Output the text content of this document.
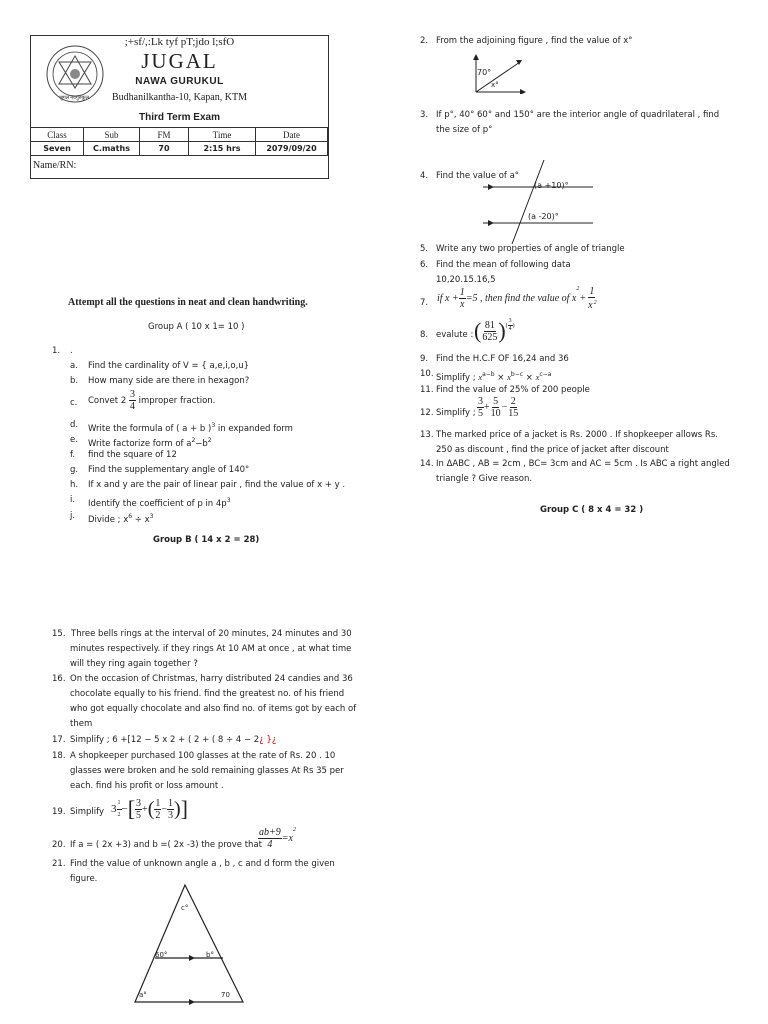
जुगल नवगुरुकुल
;+sf/,:Lk tyf pT;jdo l;sfO
JUGAL
NAWA GURUKUL
Budhanilkantha-10, Kapan, KTM
Third Term Exam
Class	Sub	FM	Time	Date
Seven	C.maths	70	2:15 hrs	2079/09/20
Name/RN:
Attempt all the questions in neat and clean handwriting.
Group A ( 10 x 1= 10 )
1. .
a. Find the cardinality of V = { a,e,i,o,u}
b. How many side are there in hexagon?
c. Convet $2 \frac{3}{4}$ improper fraction.
d. Write the formula of ( a + b )$^3$ in expanded form
e. Write factorize form of $a^2-b^2$
f. find the square of 12
g. Find the supplementary angle of 140°
h. If x and y are the pair of linear pair , find the value of x + y .
i. Identify the coefficient of p in $4p^3$
j. Divide ; $x^6 \div x^3$
Group B ( 14 x 2 = 28)
15. Three bells rings at the interval of 20 minutes, 24 minutes and 30
minutes respectively. if they rings At 10 AM at once , at what time
will they ring again together ?
16. On the occasion of Christmas, harry distributed 24 candies and 36
chocolate equally to his friend. find the greatest no. of his friend
who got equally chocolate and also find no. of items got by each of
them
17. Simplify ; 6 +[12 − 5 x 2 + ( 2 + ( 8 ÷ 4 − 2¿ }¿
18. A shopkeeper purchased 100 glasses at the rate of Rs. 20 . 10
glasses were broken and he sold remaining glasses At Rs 35 per
each. find his profit or loss amount .
19. Simplify $3 \frac{1}{2}$ − [ $\frac{3}{5}$ + ( $\frac{1}{2} - \frac{1}{3}$ ) ]
20. If a = ( 2x +3) and b =( 2x -3) the prove that
$\frac{ab+9}{4} =x$
2
21. Find the value of unknown angle a , b , c and d form the given
figure.
c°
60°	b°
a°	70
2. From the adjoining figure , find the value of x°
70°
x°
3. If p°, 40° 60° and 150° are the interior angle of quadrilateral , find
the size of p°
4. Find the value of a°
(a +10)°
(a -20)°
5. Write any two properties of angle of triangle
6. Find the mean of following data
10,20.15.16,5
7. if $x + \frac{1}{x} =5$ , then find the value of x
2
+ $\frac{1}{x^2}$
8. evalute : ( $\frac{81}{625}$ ) ( $\frac{3}{4}$ )
9. Find the H.C.F OF 16,24 and 36
10. Simplify ; $x^{a-b} \times x^{b-c} \times x^{c-a}$
11. Find the value of 25% of 200 people
12. Simplify ; $\frac{3}{5} + \frac{5}{10} - \frac{2}{15}$
13. The marked price of a jacket is Rs. 2000 . If shopkeeper allows Rs.
250 as discount , find the price of jacket after discount
14. In ΔABC , AB = 2cm , BC= 3cm and AC = 5cm . Is ABC a right angled
triangle ? Give reason.
Group C ( 8 x 4 = 32 )
